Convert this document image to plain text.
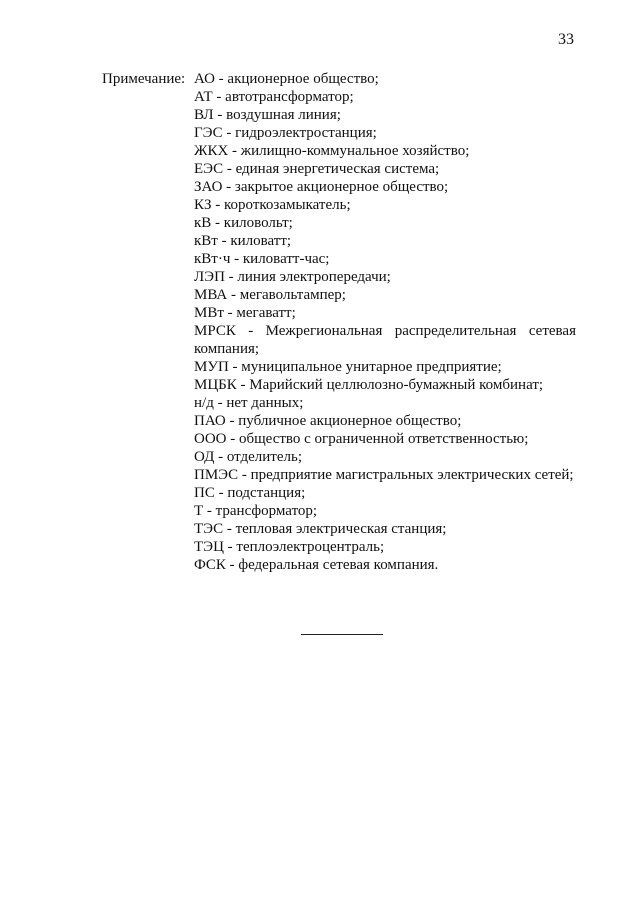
33
Примечание: АО - акционерное общество;
АТ - автотрансформатор;
ВЛ - воздушная линия;
ГЭС - гидроэлектростанция;
ЖКХ - жилищно-коммунальное хозяйство;
ЕЭС - единая энергетическая система;
ЗАО - закрытое акционерное общество;
КЗ - короткозамыкатель;
кВ - киловольт;
кВт - киловатт;
кВт·ч - киловатт-час;
ЛЭП - линия электропередачи;
МВА - мегавольтампер;
МВт - мегаватт;
МРСК - Межрегиональная распределительная сетевая компания;
МУП - муниципальное унитарное предприятие;
МЦБК - Марийский целлюлозно-бумажный комбинат;
н/д - нет данных;
ПАО - публичное акционерное общество;
ООО - общество с ограниченной ответственностью;
ОД - отделитель;
ПМЭС - предприятие магистральных электрических сетей;
ПС - подстанция;
Т - трансформатор;
ТЭС - тепловая электрическая станция;
ТЭЦ - теплоэлектроцентраль;
ФСК - федеральная сетевая компания.
